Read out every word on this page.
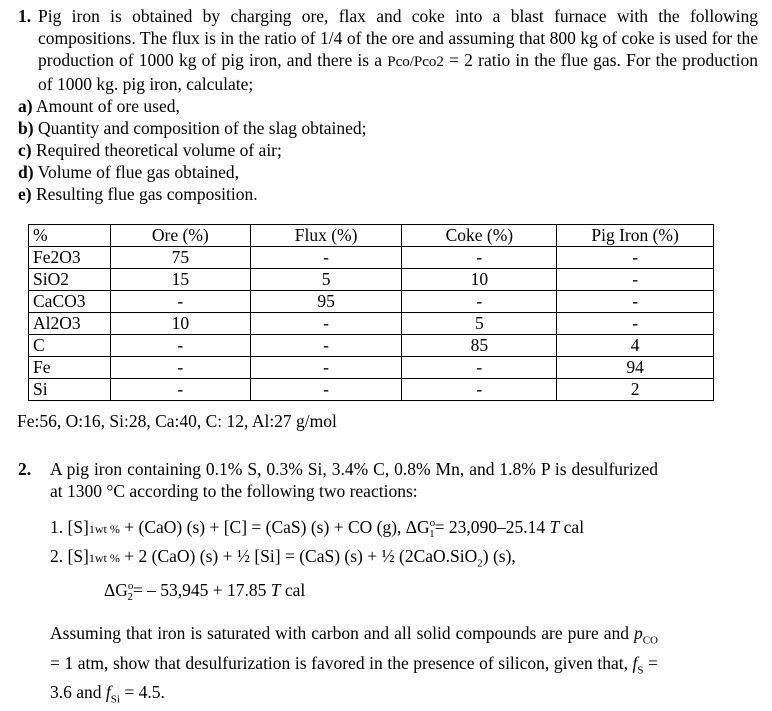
1. Pig iron is obtained by charging ore, flax and coke into a blast furnace with the following compositions. The flux is in the ratio of 1/4 of the ore and assuming that 800 kg of coke is used for the production of 1000 kg of pig iron, and there is a Pco/Pco2 = 2 ratio in the flue gas. For the production of 1000 kg. pig iron, calculate;
a) Amount of ore used,
b) Quantity and composition of the slag obtained;
c) Required theoretical volume of air;
d) Volume of flue gas obtained,
e) Resulting flue gas composition.
%	Ore (%)	Flux (%)	Coke (%)	Pig Iron (%)
Fe2O3	75	-	-	-
SiO2	15	5	10	-
CaCO3	-	95	-	-
Al2O3	10	-	5	-
C	-	-	85	4
Fe	-	-	-	94
Si	-	-	-	2
Fe:56, O:16, Si:28, Ca:40, C: 12, Al:27 g/mol
2.	A pig iron containing 0.1% S, 0.3% Si, 3.4% C, 0.8% Mn, and 1.8% P is desulfurized at 1300 °C according to the following two reactions:
1. [S]1wt % + (CaO) (s) + [C] = (CaS) (s) + CO (g), $\Delta G^o_1= 23,090-25.14$ T cal
2. [S]1wt % + 2 (CaO) (s) + ½ [Si] = (CaS) (s) + ½ (2CaO.SiO$_2$) (s),
$\Delta G^o_2= - 53,945 + 17.85$ T cal
Assuming that iron is saturated with carbon and all solid compounds are pure and $p_{CO} = 1$ atm, show that desulfurization is favored in the presence of silicon, given that, $f_S = 3.6$ and $f_{Si} = 4.5$.
